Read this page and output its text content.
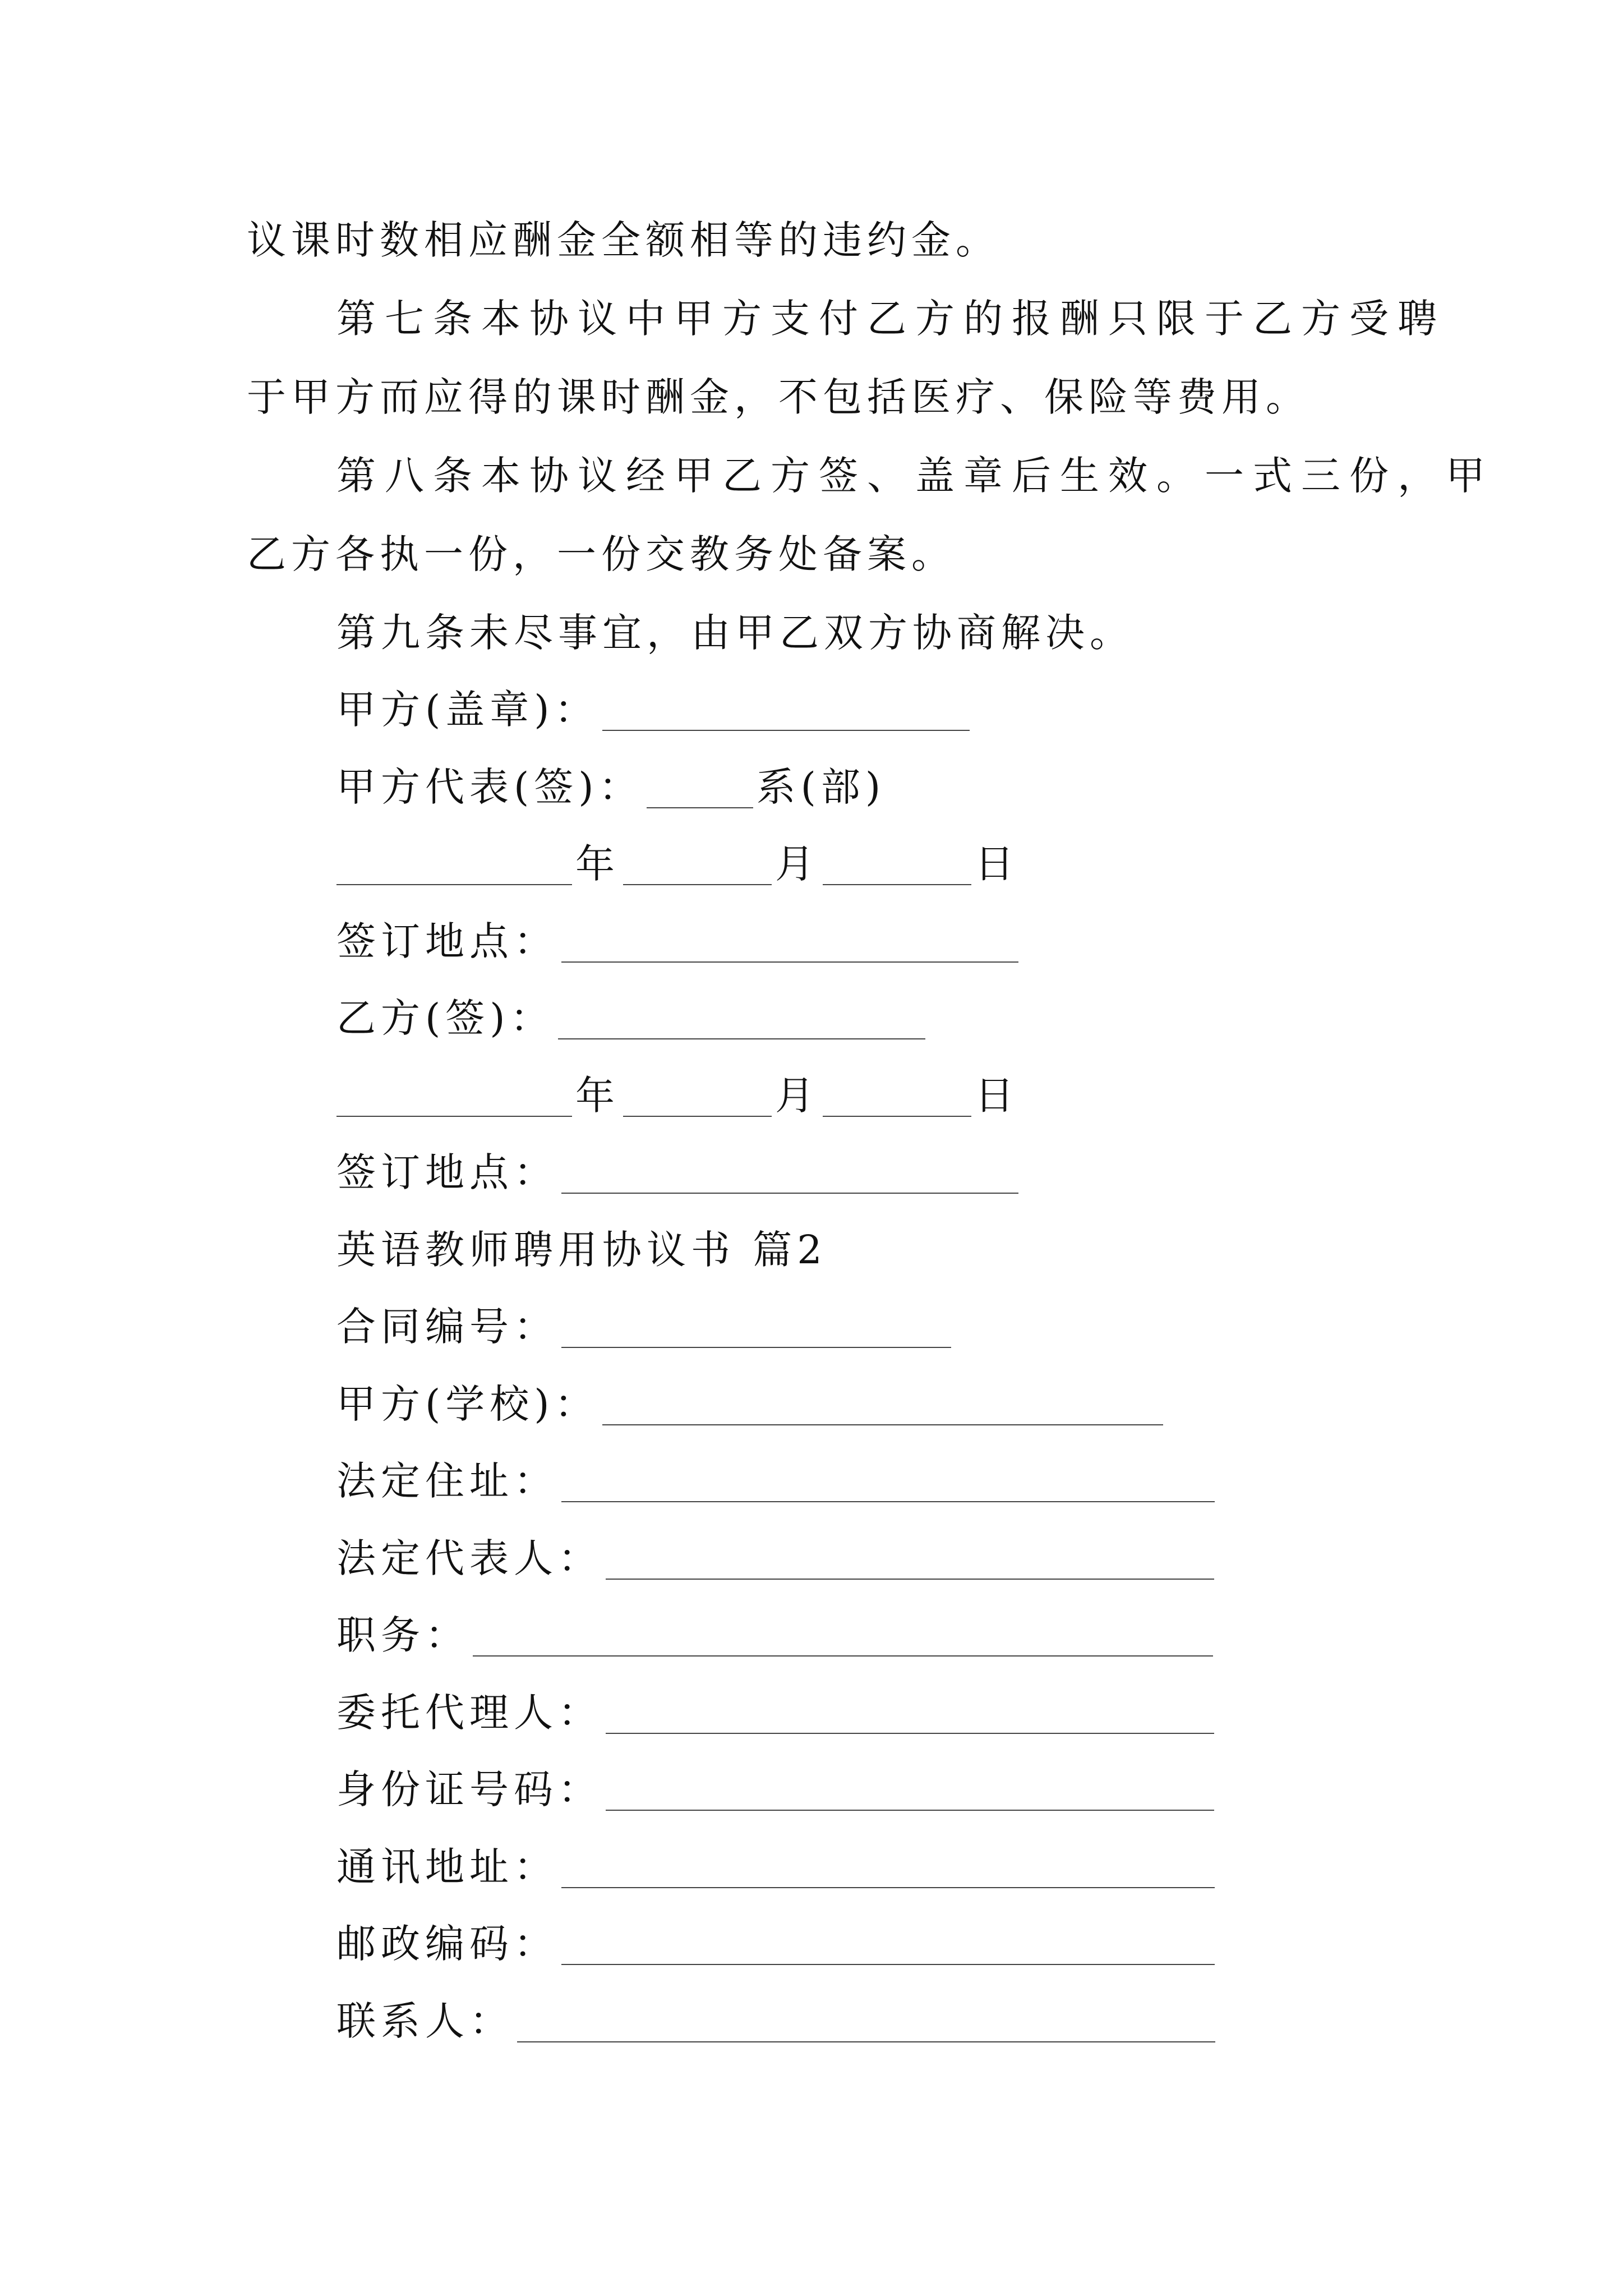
议课时数相应酬金全额相等的违约金。
第七条本协议中甲方支付乙方的报酬只限于乙方受聘
于甲方而应得的课时酬金，不包括医疗、保险等费用。
第八条本协议经甲乙方签、盖章后生效。一式三份，甲
乙方各执一份，一份交教务处备案。
第九条未尽事宜，由甲乙双方协商解决。
甲方(盖章)：
甲方代表(签)：	系(部)
年	月	日
签订地点：
乙方(签)：
年	月	日
签订地点：
英语教师聘用协议书 篇2
合同编号：
甲方(学校)：
法定住址：
法定代表人：
职务：
委托代理人：
身份证号码：
通讯地址：
邮政编码：
联系人：
